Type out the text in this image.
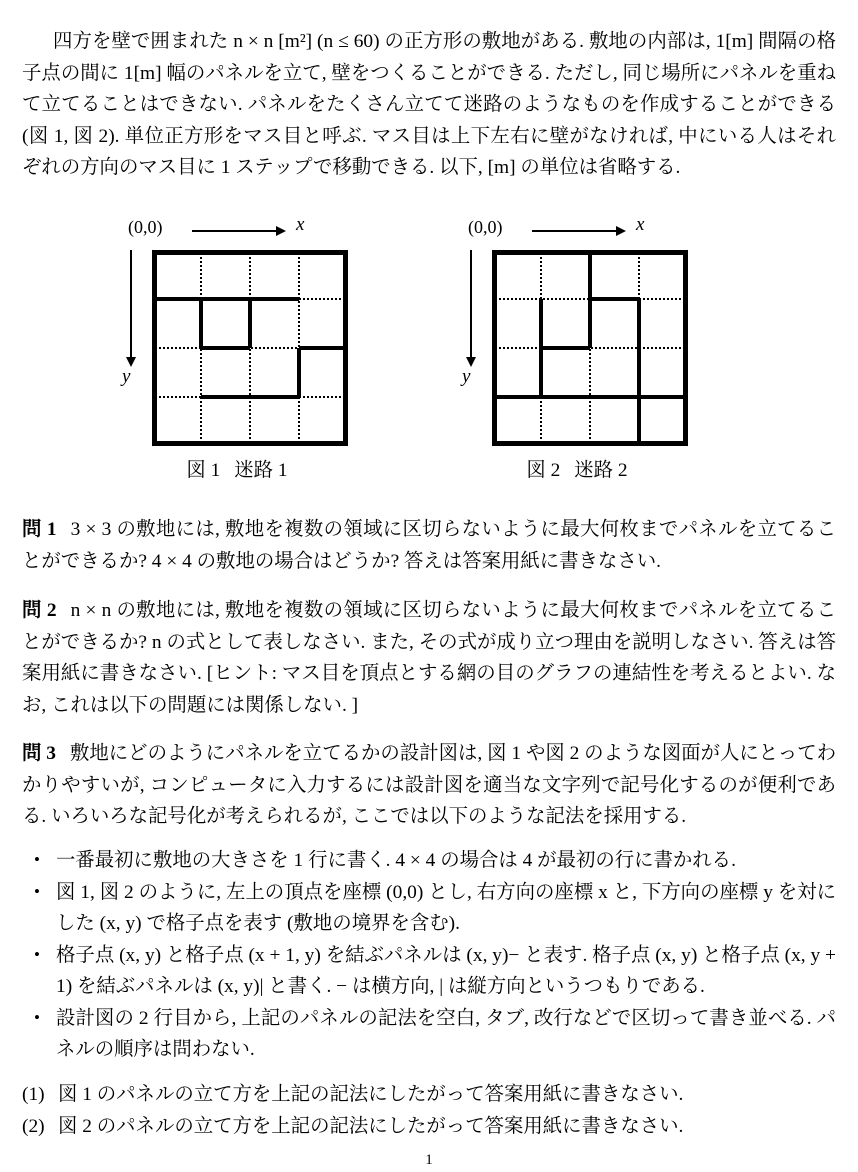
四方を壁で囲まれた n × n [m²] (n ≤ 60) の正方形の敷地がある. 敷地の内部は, 1[m] 間隔の格子点の間に 1[m] 幅のパネルを立て, 壁をつくることができる. ただし, 同じ場所にパネルを重ねて立てることはできない. パネルをたくさん立てて迷路のようなものを作成することができる (図 1, 図 2). 単位正方形をマス目と呼ぶ. マス目は上下左右に壁がなければ, 中にいる人はそれぞれの方向のマス目に 1 ステップで移動できる. 以下, [m] の単位は省略する.
(0,0)	x
y
図 1 迷路 1
(0,0)	x
y
図 2 迷路 2
問 1 3 × 3 の敷地には, 敷地を複数の領域に区切らないように最大何枚までパネルを立てることができるか? 4 × 4 の敷地の場合はどうか? 答えは答案用紙に書きなさい.
問 2 n × n の敷地には, 敷地を複数の領域に区切らないように最大何枚までパネルを立てることができるか? n の式として表しなさい. また, その式が成り立つ理由を説明しなさい. 答えは答案用紙に書きなさい. [ヒント: マス目を頂点とする網の目のグラフの連結性を考えるとよい. なお, これは以下の問題には関係しない. ]
問 3 敷地にどのようにパネルを立てるかの設計図は, 図 1 や図 2 のような図面が人にとってわかりやすいが, コンピュータに入力するには設計図を適当な文字列で記号化するのが便利である. いろいろな記号化が考えられるが, ここでは以下のような記法を採用する.
• 一番最初に敷地の大きさを 1 行に書く. 4 × 4 の場合は 4 が最初の行に書かれる.
• 図 1, 図 2 のように, 左上の頂点を座標 (0,0) とし, 右方向の座標 x と, 下方向の座標 y を対にした (x, y) で格子点を表す (敷地の境界を含む).
• 格子点 (x, y) と格子点 (x + 1, y) を結ぶパネルは (x, y)− と表す. 格子点 (x, y) と格子点 (x, y + 1) を結ぶパネルは (x, y)| と書く. − は横方向, | は縦方向というつもりである.
• 設計図の 2 行目から, 上記のパネルの記法を空白, タブ, 改行などで区切って書き並べる. パネルの順序は問わない.
(1) 図 1 のパネルの立て方を上記の記法にしたがって答案用紙に書きなさい.
(2) 図 2 のパネルの立て方を上記の記法にしたがって答案用紙に書きなさい.
1
